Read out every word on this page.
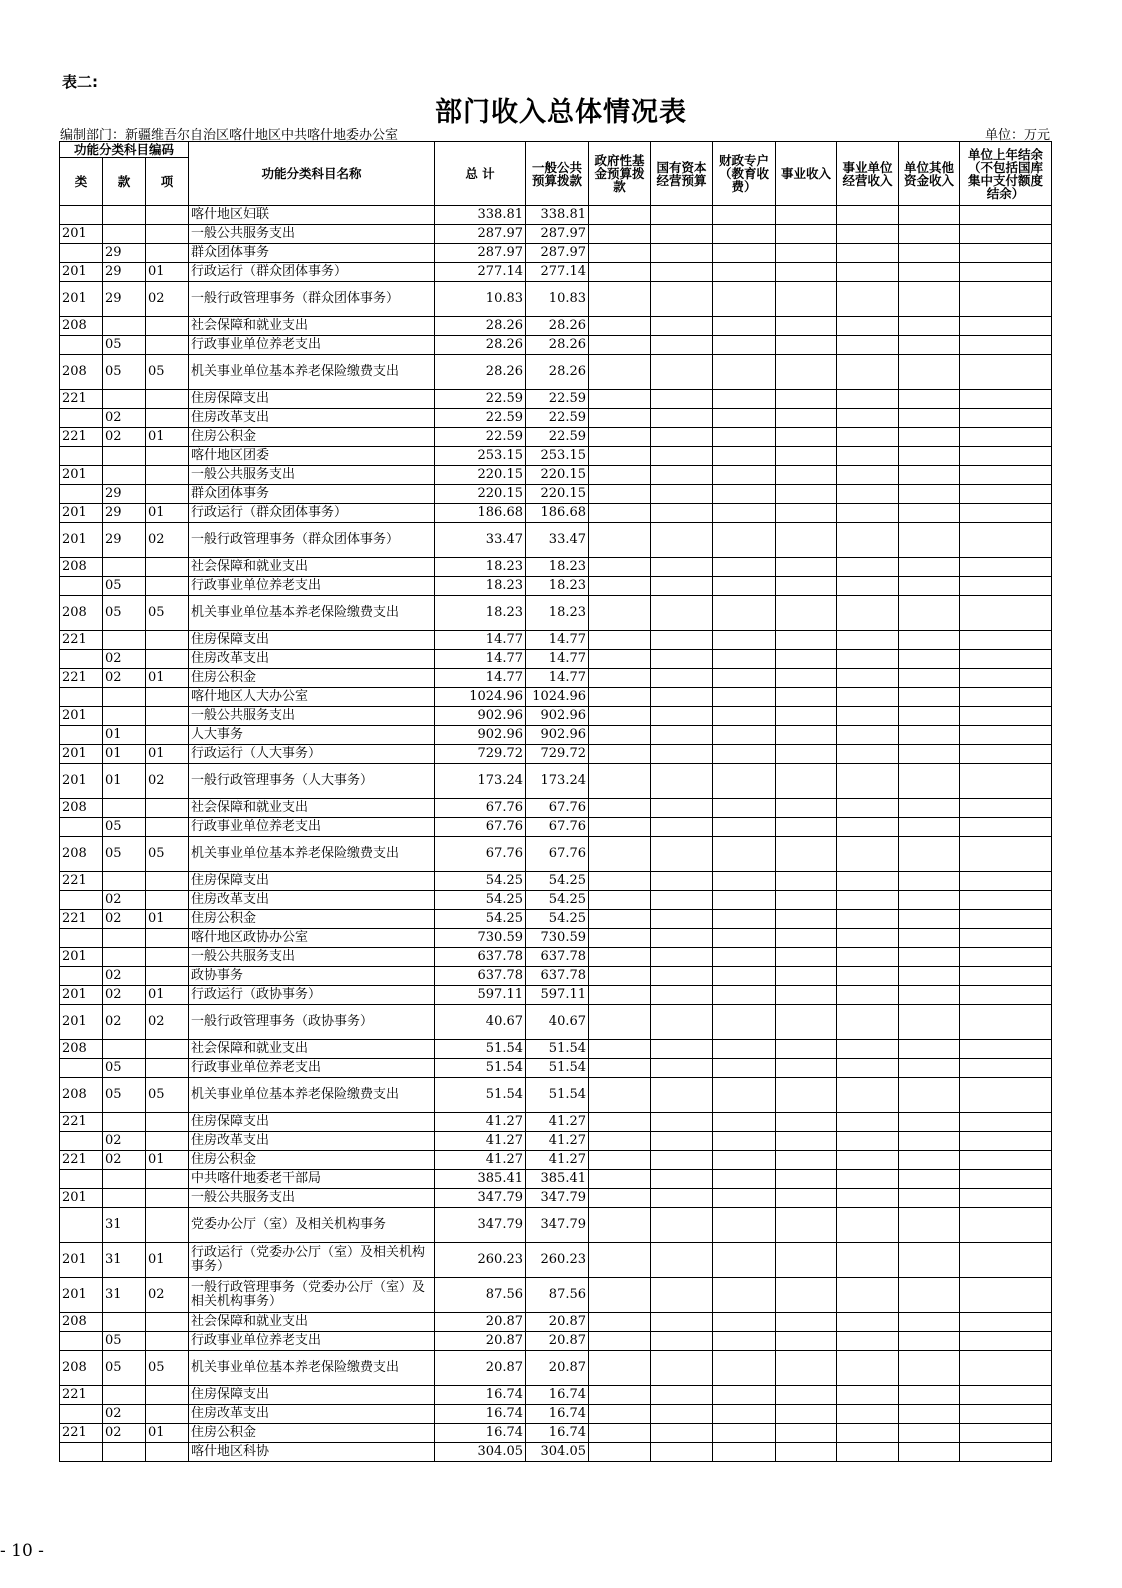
表二:
部门收入总体情况表
编制部门：新疆维吾尔自治区喀什地区中共喀什地委办公室	单位：万元
功能分类科目编码			功能分类科目名称	总 计	一般公共预算拨款	政府性基金预算拨款	国有资本经营预算	财政专户（教育收费）	事业收入	事业单位经营收入	单位其他资金收入	单位上年结余（不包括国库集中支付额度结余）
类	款	项										
			喀什地区妇联	338.81	338.81							
201			一般公共服务支出	287.97	287.97							
	29		群众团体事务	287.97	287.97							
201	29	01	行政运行（群众团体事务）	277.14	277.14							
201	29	02	一般行政管理事务（群众团体事务）	10.83	10.83							
208			社会保障和就业支出	28.26	28.26							
	05		行政事业单位养老支出	28.26	28.26							
208	05	05	机关事业单位基本养老保险缴费支出	28.26	28.26							
221			住房保障支出	22.59	22.59							
	02		住房改革支出	22.59	22.59							
221	02	01	住房公积金	22.59	22.59							
			喀什地区团委	253.15	253.15							
201			一般公共服务支出	220.15	220.15							
	29		群众团体事务	220.15	220.15							
201	29	01	行政运行（群众团体事务）	186.68	186.68							
201	29	02	一般行政管理事务（群众团体事务）	33.47	33.47							
208			社会保障和就业支出	18.23	18.23							
	05		行政事业单位养老支出	18.23	18.23							
208	05	05	机关事业单位基本养老保险缴费支出	18.23	18.23							
221			住房保障支出	14.77	14.77							
	02		住房改革支出	14.77	14.77							
221	02	01	住房公积金	14.77	14.77							
			喀什地区人大办公室	1024.96	1024.96							
201			一般公共服务支出	902.96	902.96							
	01		人大事务	902.96	902.96							
201	01	01	行政运行（人大事务）	729.72	729.72							
201	01	02	一般行政管理事务（人大事务）	173.24	173.24							
208			社会保障和就业支出	67.76	67.76							
	05		行政事业单位养老支出	67.76	67.76							
208	05	05	机关事业单位基本养老保险缴费支出	67.76	67.76							
221			住房保障支出	54.25	54.25							
	02		住房改革支出	54.25	54.25							
221	02	01	住房公积金	54.25	54.25							
			喀什地区政协办公室	730.59	730.59							
201			一般公共服务支出	637.78	637.78							
	02		政协事务	637.78	637.78							
201	02	01	行政运行（政协事务）	597.11	597.11							
201	02	02	一般行政管理事务（政协事务）	40.67	40.67							
208			社会保障和就业支出	51.54	51.54							
	05		行政事业单位养老支出	51.54	51.54							
208	05	05	机关事业单位基本养老保险缴费支出	51.54	51.54							
221			住房保障支出	41.27	41.27							
	02		住房改革支出	41.27	41.27							
221	02	01	住房公积金	41.27	41.27							
			中共喀什地委老干部局	385.41	385.41							
201			一般公共服务支出	347.79	347.79							
	31		党委办公厅（室）及相关机构事务	347.79	347.79							
201	31	01	行政运行（党委办公厅（室）及相关机构事务）	260.23	260.23							
201	31	02	一般行政管理事务（党委办公厅（室）及相关机构事务）	87.56	87.56							
208			社会保障和就业支出	20.87	20.87							
	05		行政事业单位养老支出	20.87	20.87							
208	05	05	机关事业单位基本养老保险缴费支出	20.87	20.87							
221			住房保障支出	16.74	16.74							
	02		住房改革支出	16.74	16.74							
221	02	01	住房公积金	16.74	16.74							
			喀什地区科协	304.05	304.05							
- 10 -
